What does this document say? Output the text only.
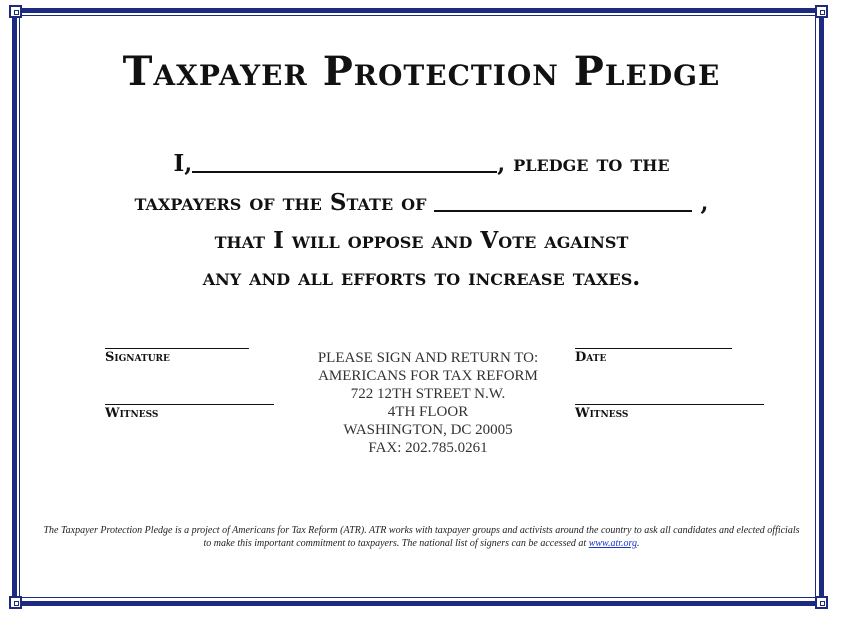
Taxpayer Protection Pledge
I,	, pledge to the
taxpayers of the State of	,
that I will oppose and Vote against
any and all efforts to increase taxes.
Signature	Date
Witness	Witness
PLEASE SIGN AND RETURN TO:
AMERICANS FOR TAX REFORM
722 12TH STREET N.W.
4TH FLOOR
WASHINGTON, DC 20005
FAX: 202.785.0261
The Taxpayer Protection Pledge is a project of Americans for Tax Reform (ATR). ATR works with taxpayer groups and activists around the country to ask all candidates and elected officials to make this important commitment to taxpayers. The national list of signers can be accessed at www.atr.org.
